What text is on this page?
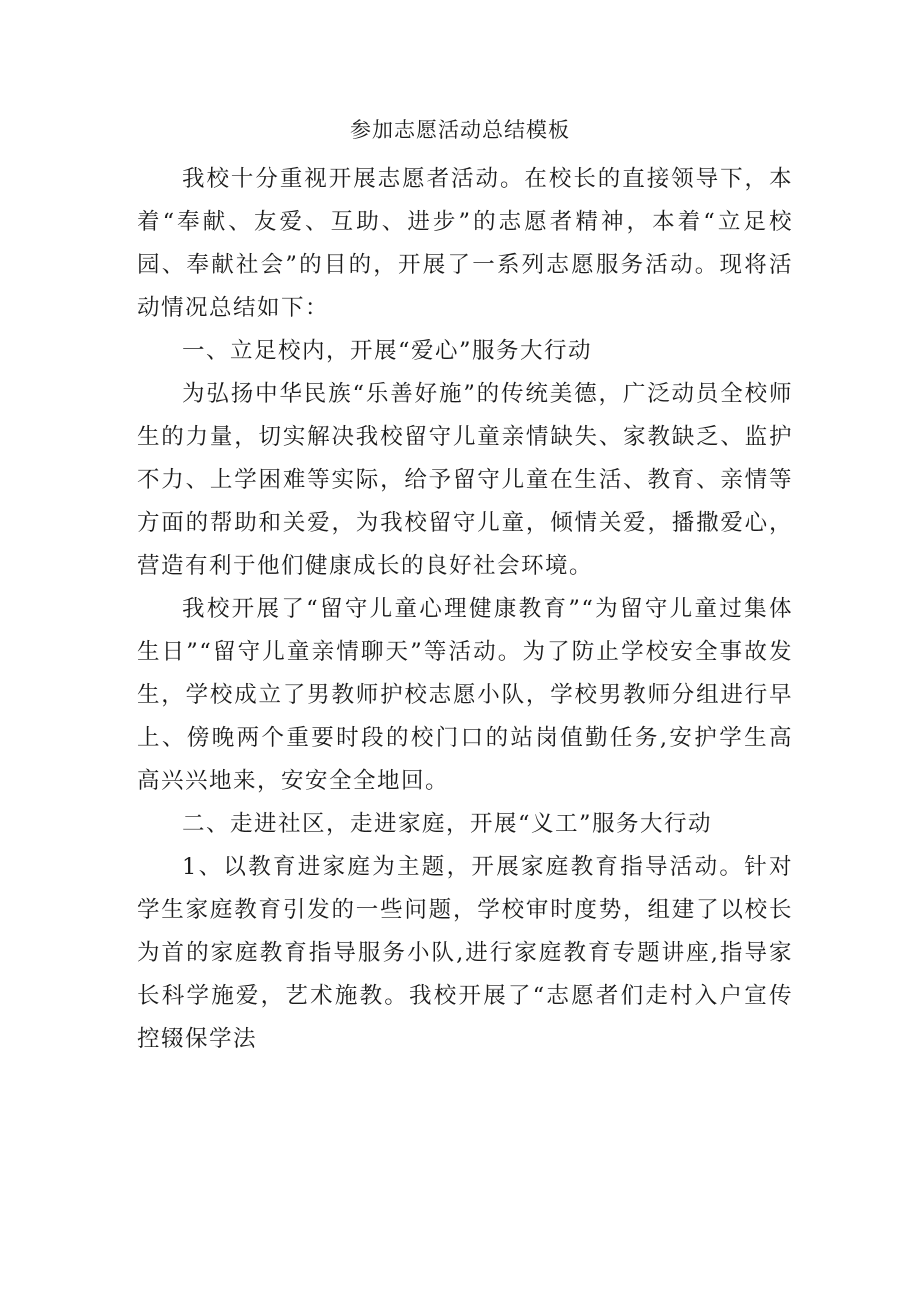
参加志愿活动总结模板

我校十分重视开展志愿者活动。在校长的直接领导下，本着“奉献、友爱、互助、进步”的志愿者精神，本着“立足校园、奉献社会”的目的，开展了一系列志愿服务活动。现将活动情况总结如下：

一、立足校内，开展“爱心”服务大行动

为弘扬中华民族“乐善好施”的传统美德，广泛动员全校师生的力量，切实解决我校留守儿童亲情缺失、家教缺乏、监护不力、上学困难等实际，给予留守儿童在生活、教育、亲情等方面的帮助和关爱，为我校留守儿童，倾情关爱，播撒爱心，营造有利于他们健康成长的良好社会环境。

我校开展了“留守儿童心理健康教育”“为留守儿童过集体生日”“留守儿童亲情聊天”等活动。为了防止学校安全事故发生，学校成立了男教师护校志愿小队，学校男教师分组进行早上、傍晚两个重要时段的校门口的站岗值勤任务,安护学生高高兴兴地来，安安全全地回。

二、走进社区，走进家庭，开展“义工”服务大行动

1、以教育进家庭为主题，开展家庭教育指导活动。针对学生家庭教育引发的一些问题，学校审时度势，组建了以校长为首的家庭教育指导服务小队,进行家庭教育专题讲座,指导家长科学施爱，艺术施教。我校开展了“志愿者们走村入户宣传控辍保学法
